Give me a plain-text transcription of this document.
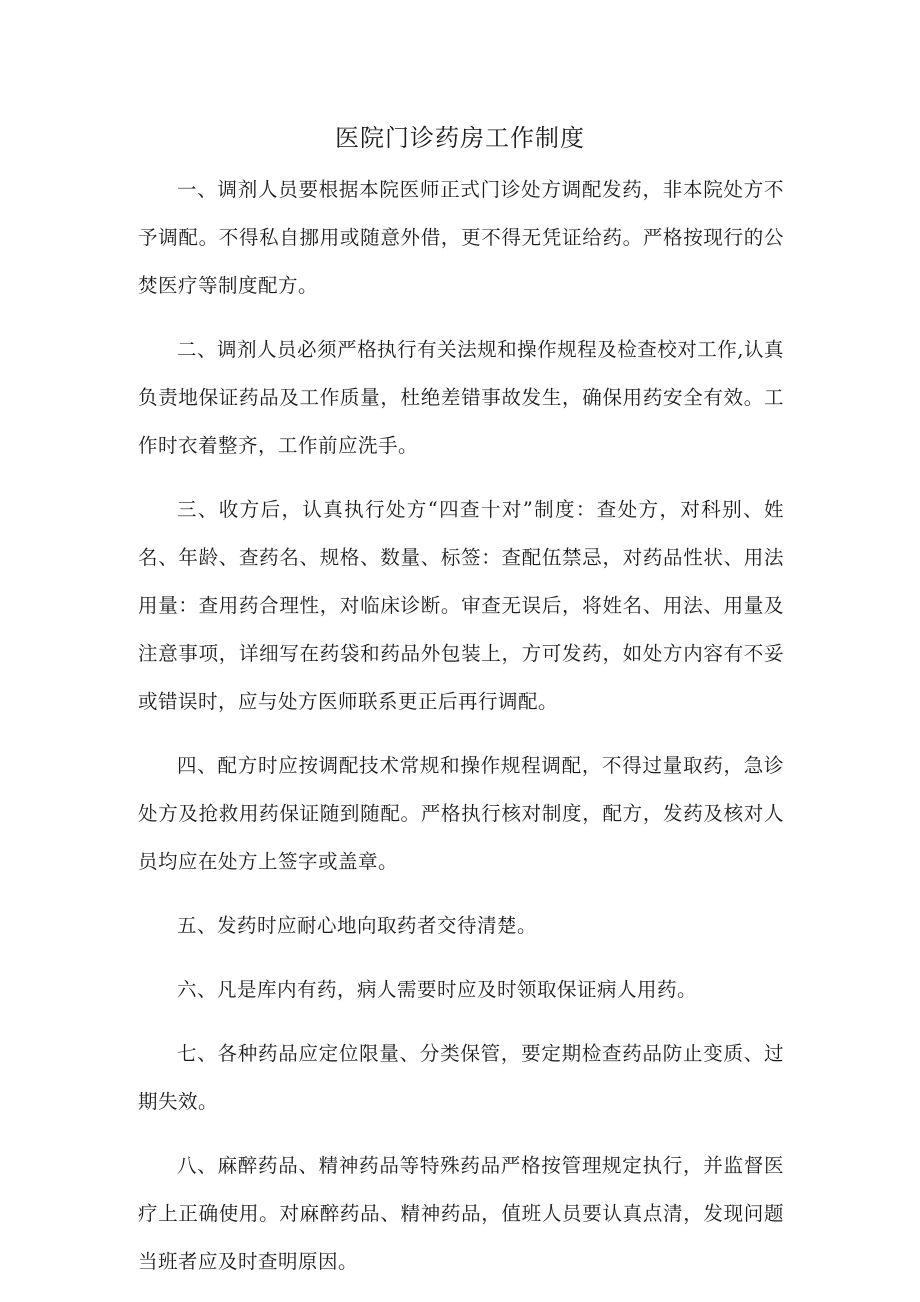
医院门诊药房工作制度

一、调剂人员要根据本院医师正式门诊处方调配发药，非本院处方不予调配。不得私自挪用或随意外借，更不得无凭证给药。严格按现行的公焚医疗等制度配方。

二、调剂人员必须严格执行有关法规和操作规程及检查校对工作,认真负责地保证药品及工作质量，杜绝差错事故发生，确保用药安全有效。工作时衣着整齐，工作前应洗手。

三、收方后，认真执行处方“四查十对”制度：查处方，对科别、姓名、年龄、查药名、规格、数量、标签：查配伍禁忌，对药品性状、用法用量：查用药合理性，对临床诊断。审查无误后，将姓名、用法、用量及注意事项，详细写在药袋和药品外包装上，方可发药，如处方内容有不妥或错误时，应与处方医师联系更正后再行调配。

四、配方时应按调配技术常规和操作规程调配，不得过量取药，急诊处方及抢救用药保证随到随配。严格执行核对制度，配方，发药及核对人员均应在处方上签字或盖章。

五、发药时应耐心地向取药者交待清楚。

六、凡是库内有药，病人需要时应及时领取保证病人用药。

七、各种药品应定位限量、分类保管，要定期检查药品防止变质、过期失效。

八、麻醉药品、精神药品等特殊药品严格按管理规定执行，并监督医疗上正确使用。对麻醉药品、精神药品，值班人员要认真点清，发现问题当班者应及时查明原因。
